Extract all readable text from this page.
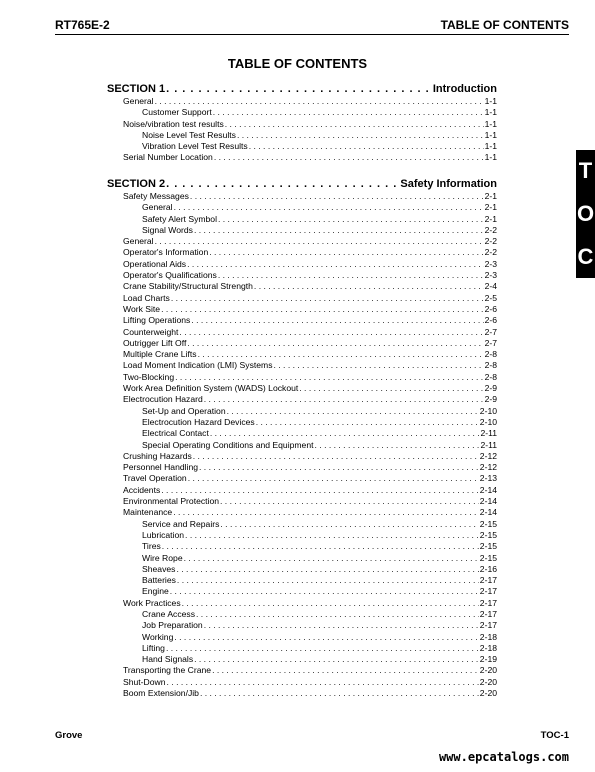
RT765E-2	TABLE OF CONTENTS
TABLE OF CONTENTS
SECTION 1 . . .	Introduction
General . . .	1-1
Customer Support . . .	1-1
Noise/vibration test results . . .	1-1
Noise Level Test Results . . .	1-1
Vibration Level Test Results . . .	1-1
Serial Number Location . . .	1-1
SECTION 2 . . .	Safety Information
Safety Messages . . .	2-1
General . . .	2-1
Safety Alert Symbol . . .	2-1
Signal Words . . .	2-2
General . . .	2-2
Operator's Information . . .	2-2
Operational Aids . . .	2-3
Operator's Qualifications . . .	2-3
Crane Stability/Structural Strength . . .	2-4
Load Charts . . .	2-5
Work Site . . .	2-6
Lifting Operations . . .	2-6
Counterweight . . .	2-7
Outrigger Lift Off . . .	2-7
Multiple Crane Lifts . . .	2-8
Load Moment Indication (LMI) Systems . . .	2-8
Two-Blocking . . .	2-8
Work Area Definition System (WADS) Lockout . . .	2-9
Electrocution Hazard . . .	2-9
Set-Up and Operation . . .	2-10
Electrocution Hazard Devices . . .	2-10
Electrical Contact . . .	2-11
Special Operating Conditions and Equipment . . .	2-11
Crushing Hazards . . .	2-12
Personnel Handling . . .	2-12
Travel Operation . . .	2-13
Accidents . . .	2-14
Environmental Protection . . .	2-14
Maintenance . . .	2-14
Service and Repairs . . .	2-15
Lubrication . . .	2-15
Tires . . .	2-15
Wire Rope . . .	2-15
Sheaves . . .	2-16
Batteries . . .	2-17
Engine . . .	2-17
Work Practices . . .	2-17
Crane Access . . .	2-17
Job Preparation . . .	2-17
Working . . .	2-18
Lifting . . .	2-18
Hand Signals . . .	2-19
Transporting the Crane . . .	2-20
Shut-Down . . .	2-20
Boom Extension/Jib . . .	2-20
T
O
C
Grove	TOC-1
www.epcatalogs.com
